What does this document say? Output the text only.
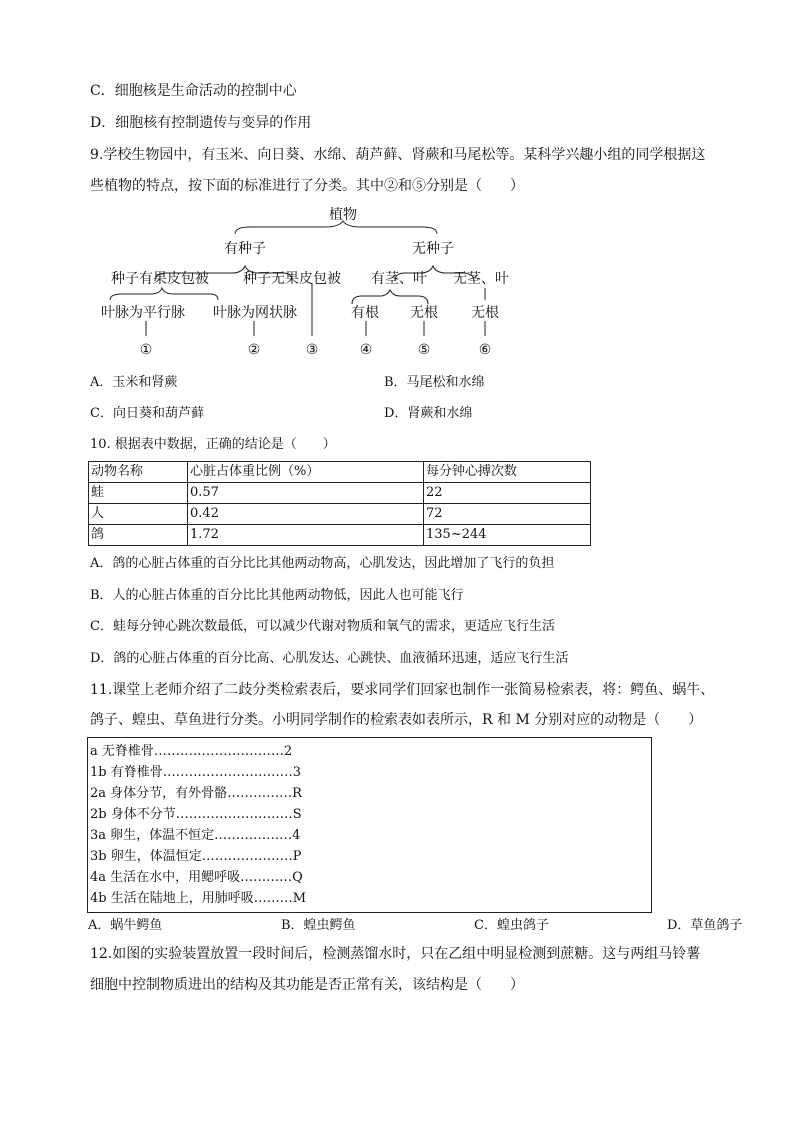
C．细胞核是生命活动的控制中心
D．细胞核有控制遗传与变异的作用
9.学校生物园中，有玉米、向日葵、水绵、葫芦藓、肾蕨和马尾松等。某科学兴趣小组的同学根据这
些植物的特点，按下面的标准进行了分类。其中②和⑤分别是（　　）
植物
有种子	无种子
种子有果皮包被 种子无果皮包被 有茎、叶 无茎、叶
叶脉为平行脉 叶脉为网状脉	有根 无根 无根
①	②	③	④	⑤	⑥
A．玉米和肾蕨	B．马尾松和水绵
C．向日葵和葫芦藓	D．肾蕨和水绵
10. 根据表中数据，正确的结论是（　　）
动物名称	心脏占体重比例（%）	每分钟心搏次数
蛙	0.57	22
人	0.42	72
鸽	1.72	135~244
A．鸽的心脏占体重的百分比比其他两动物高，心肌发达，因此增加了飞行的负担
B．人的心脏占体重的百分比比其他两动物低，因此人也可能飞行
C．蛙每分钟心跳次数最低，可以减少代谢对物质和氧气的需求，更适应飞行生活
D．鸽的心脏占体重的百分比高、心肌发达、心跳快、血液循环迅速，适应飞行生活
11.课堂上老师介绍了二歧分类检索表后，要求同学们回家也制作一张简易检索表，将：鳄鱼、蜗牛、
鸽子、蝗虫、草鱼进行分类。小明同学制作的检索表如表所示，R 和 M 分别对应的动物是（　　）
a 无脊椎骨…………………………2
1b 有脊椎骨…………………………3
2a 身体分节，有外骨骼……………R
2b 身体不分节………………………S
3a 卵生，体温不恒定………………4
3b 卵生，体温恒定…………………P
4a 生活在水中，用鳃呼吸…………Q
4b 生活在陆地上，用肺呼吸………M
A．蜗牛鳄鱼	B．蝗虫鳄鱼	C．蝗虫鸽子	D．草鱼鸽子
12.如图的实验装置放置一段时间后，检测蒸馏水时，只在乙组中明显检测到蔗糖。这与两组马铃薯
细胞中控制物质进出的结构及其功能是否正常有关，该结构是（　　）
